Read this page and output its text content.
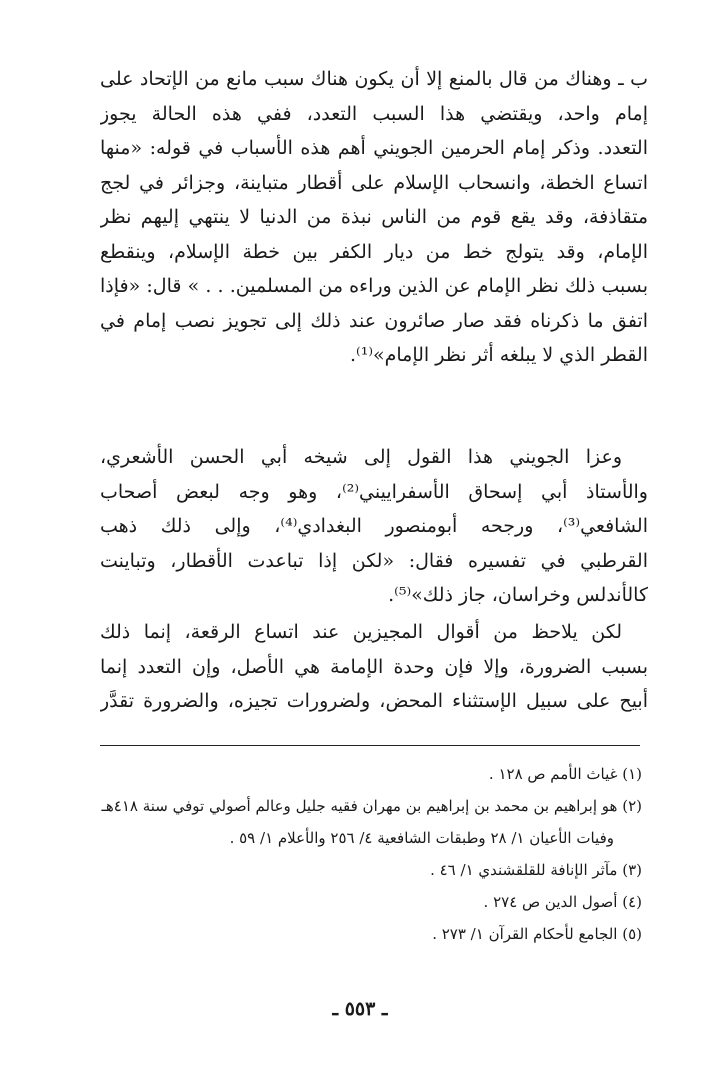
ب ـ وهناك من قال بالمنع إلا أن يكون هناك سبب مانع من الإتحاد على
إمام واحد، ويقتضي هذا السبب التعدد، ففي هذه الحالة يجوز
التعدد. وذكر إمام الحرمين الجويني أهم هذه الأسباب في قوله: «منها
اتساع الخطة، وانسحاب الإسلام على أقطار متباينة، وجزائر في لجج
متقاذفة، وقد يقع قوم من الناس نبذة من الدنيا لا ينتهي إليهم نظر
الإمام، وقد يتولج خط من ديار الكفر بين خطة الإسلام، وينقطع
بسبب ذلك نظر الإمام عن الذين وراءه من المسلمين. . . » قال: «فإذا
اتفق ما ذكرناه فقد صار صائرون عند ذلك إلى تجويز نصب إمام في
القطر الذي لا يبلغه أثر نظر الإمام»⁽¹⁾.
وعزا الجويني هذا القول إلى شيخه أبي الحسن الأشعري،
والأستاذ أبي إسحاق الأسفراييني⁽²⁾، وهو وجه لبعض أصحاب
الشافعي⁽³⁾، ورجحه أبومنصور البغدادي⁽⁴⁾، وإلى ذلك ذهب
القرطبي في تفسيره فقال: «لكن إذا تباعدت الأقطار، وتباينت
كالأندلس وخراسان، جاز ذلك»⁽⁵⁾.
لكن يلاحظ من أقوال المجيزين عند اتساع الرقعة، إنما ذلك
بسبب الضرورة، وإلا فإن وحدة الإمامة هي الأصل، وإن التعدد إنما
أبيح على سبيل الإستثناء المحض، ولضرورات تجيزه، والضرورة تقدَّر
(١) غياث الأمم ص ١٢٨ .
(٢) هو إبراهيم بن محمد بن إبراهيم بن مهران فقيه جليل وعالم أصولي توفي سنة ٤١٨هـ
وفيات الأعيان ١/ ٢٨ وطبقات الشافعية ٤/ ٢٥٦ والأعلام ١/ ٥٩ .
(٣) مآثر الإنافة للقلقشندي ١/ ٤٦ .
(٤) أصول الدين ص ٢٧٤ .
(٥) الجامع لأحكام القرآن ١/ ٢٧٣ .
ـ ٥٥٣ ـ
